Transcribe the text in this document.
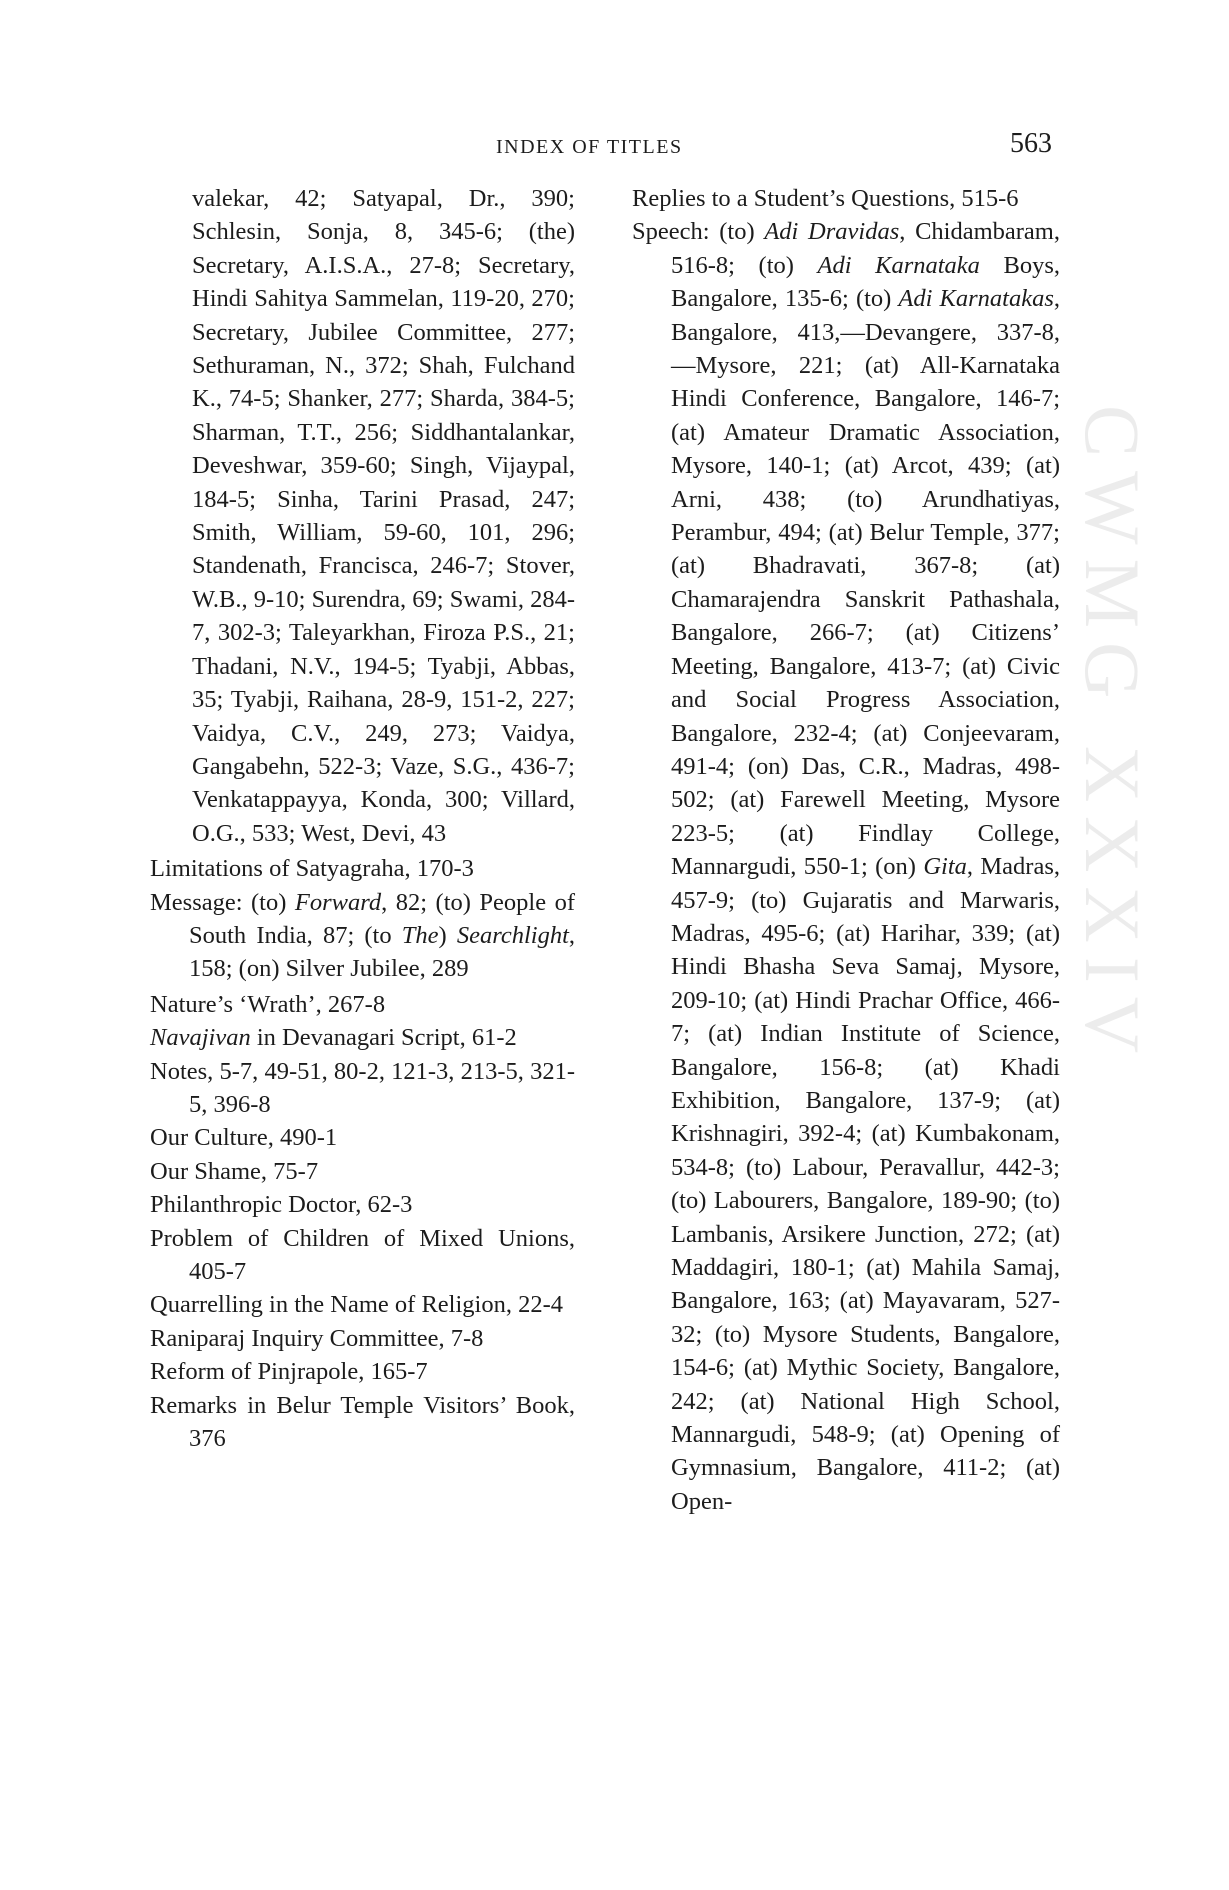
INDEX OF TITLES	563
CWMG XXXIV
valekar, 42; Satyapal, Dr., 390; Schlesin, Sonja, 8, 345-6; (the) Secretary, A.I.S.A., 27-8; Secretary, Hindi Sahitya Sammelan, 119-20, 270; Secretary, Jubilee Committee, 277; Sethuraman, N., 372; Shah, Fulchand K., 74-5; Shanker, 277; Sharda, 384-5; Sharman, T.T., 256; Siddhantalankar, Deveshwar, 359-60; Singh, Vijaypal, 184-5; Sinha, Tarini Prasad, 247; Smith, William, 59-60, 101, 296; Standenath, Francisca, 246-7; Stover, W.B., 9-10; Surendra, 69; Swami, 284-7, 302-3; Taleyarkhan, Firoza P.S., 21; Thadani, N.V., 194-5; Tyabji, Abbas, 35; Tyabji, Raihana, 28-9, 151-2, 227; Vaidya, C.V., 249, 273; Vaidya, Gangabehn, 522-3; Vaze, S.G., 436-7; Venkatappayya, Konda, 300; Villard, O.G., 533; West, Devi, 43
Limitations of Satyagraha, 170-3
Message: (to) Forward, 82; (to) People of South India, 87; (to The) Searchlight, 158; (on) Silver Jubilee, 289
Nature’s ‘Wrath’, 267-8
Navajivan in Devanagari Script, 61-2
Notes, 5-7, 49-51, 80-2, 121-3, 213-5, 321-5, 396-8
Our Culture, 490-1
Our Shame, 75-7
Philanthropic Doctor, 62-3
Problem of Children of Mixed Unions, 405-7
Quarrelling in the Name of Religion, 22-4
Raniparaj Inquiry Committee, 7-8
Reform of Pinjrapole, 165-7
Remarks in Belur Temple Visitors’ Book, 376
Replies to a Student’s Questions, 515-6
Speech: (to) Adi Dravidas, Chidambaram, 516-8; (to) Adi Karnataka Boys, Bangalore, 135-6; (to) Adi Karnatakas, Bangalore, 413,—Devangere, 337-8, —Mysore, 221; (at) All-Karnataka Hindi Conference, Bangalore, 146-7; (at) Amateur Dramatic Association, Mysore, 140-1; (at) Arcot, 439; (at) Arni, 438; (to) Arundhatiyas, Perambur, 494; (at) Belur Temple, 377; (at) Bhadravati, 367-8; (at) Chamarajendra Sanskrit Pathashala, Bangalore, 266-7; (at) Citizens’ Meeting, Bangalore, 413-7; (at) Civic and Social Progress Association, Bangalore, 232-4; (at) Conjeevaram, 491-4; (on) Das, C.R., Madras, 498-502; (at) Farewell Meeting, Mysore 223-5; (at) Findlay College, Mannargudi, 550-1; (on) Gita, Madras, 457-9; (to) Gujaratis and Marwaris, Madras, 495-6; (at) Harihar, 339; (at) Hindi Bhasha Seva Samaj, Mysore, 209-10; (at) Hindi Prachar Office, 466-7; (at) Indian Institute of Science, Bangalore, 156-8; (at) Khadi Exhibition, Bangalore, 137-9; (at) Krishnagiri, 392-4; (at) Kumbakonam, 534-8; (to) Labour, Peravallur, 442-3; (to) Labourers, Bangalore, 189-90; (to) Lambanis, Arsikere Junction, 272; (at) Maddagiri, 180-1; (at) Mahila Samaj, Bangalore, 163; (at) Mayavaram, 527-32; (to) Mysore Students, Bangalore, 154-6; (at) Mythic Society, Bangalore, 242; (at) National High School, Mannargudi, 548-9; (at) Opening of Gymnasium, Bangalore, 411-2; (at) Open-
